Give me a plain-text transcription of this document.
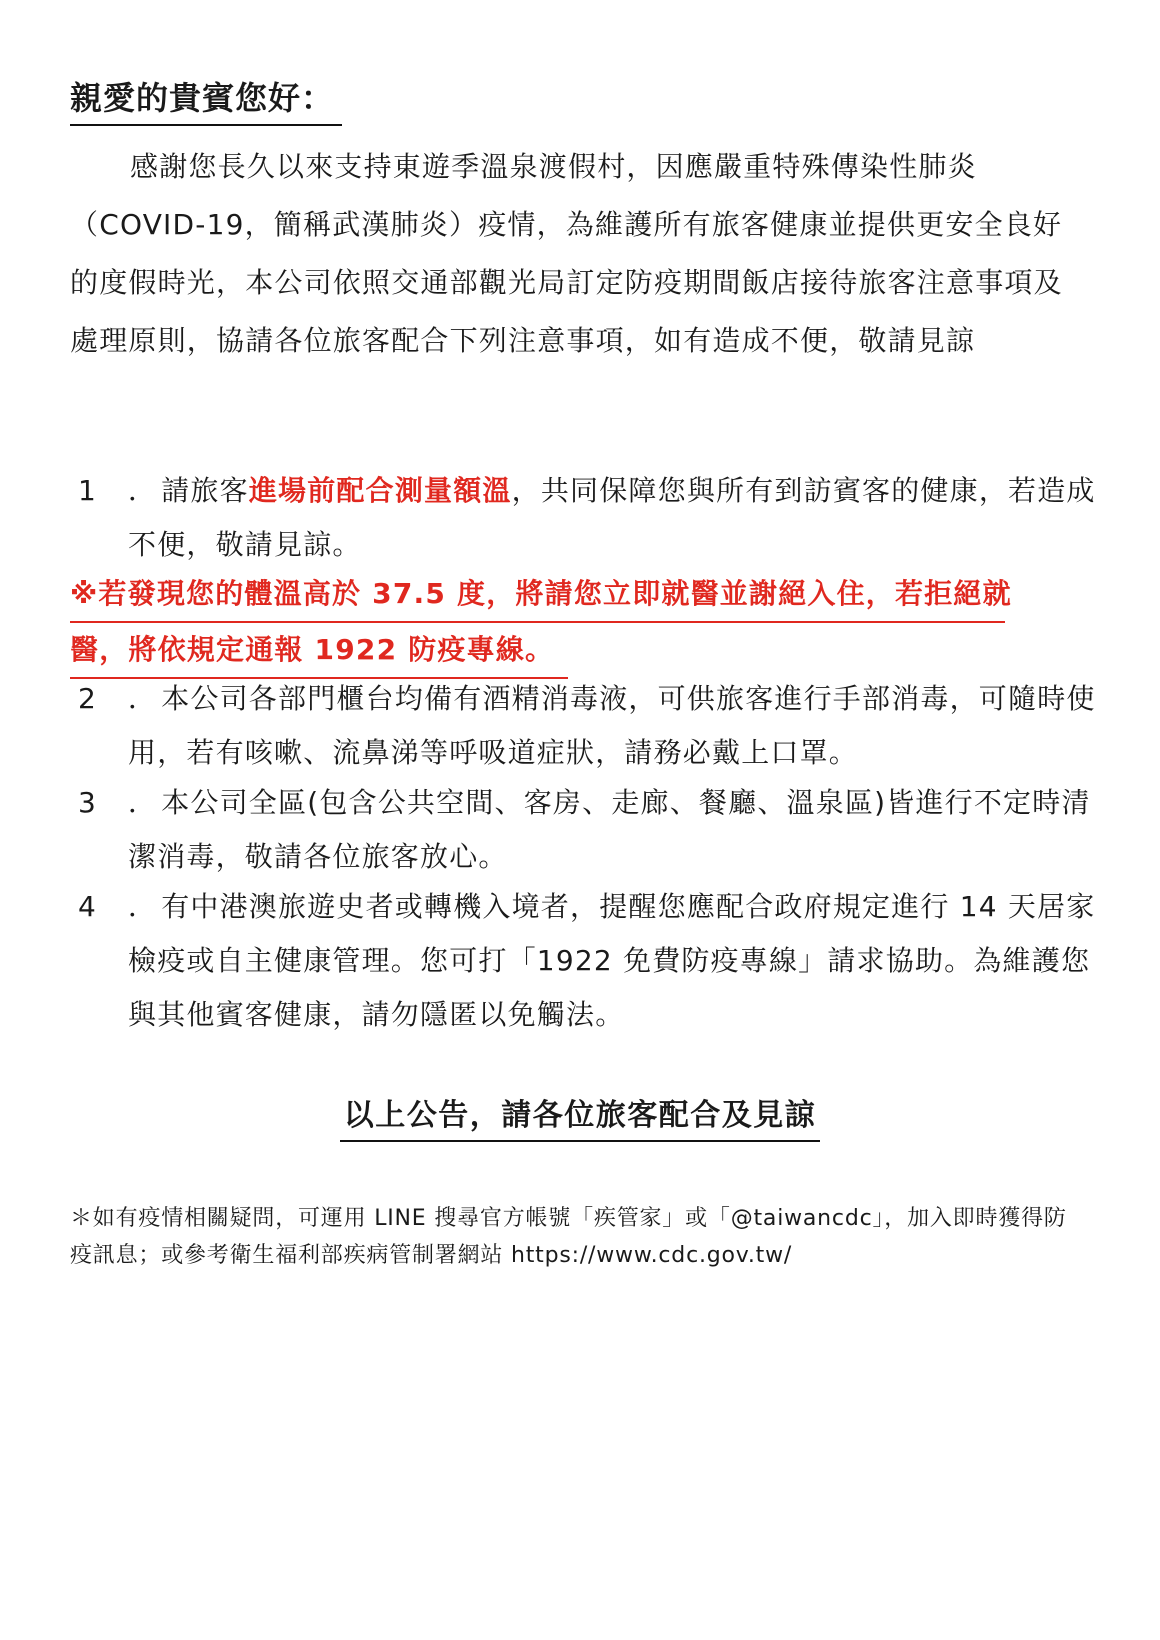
親愛的貴賓您好：

感謝您長久以來支持東遊季溫泉渡假村，因應嚴重特殊傳染性肺炎（COVID-19，簡稱武漢肺炎）疫情，為維護所有旅客健康並提供更安全良好的度假時光，本公司依照交通部觀光局訂定防疫期間飯店接待旅客注意事項及處理原則，協請各位旅客配合下列注意事項，如有造成不便，敬請見諒

1	． 請旅客進場前配合測量額溫，共同保障您與所有到訪賓客的健康，若造成不便，敬請見諒。
※若發現您的體溫高於 37.5 度，將請您立即就醫並謝絕入住，若拒絕就
醫，將依規定通報 1922 防疫專線。
2	． 本公司各部門櫃台均備有酒精消毒液，可供旅客進行手部消毒，可隨時使用，若有咳嗽、流鼻涕等呼吸道症狀，請務必戴上口罩。
3	． 本公司全區(包含公共空間、客房、走廊、餐廳、溫泉區)皆進行不定時清潔消毒，敬請各位旅客放心。
4	． 有中港澳旅遊史者或轉機入境者，提醒您應配合政府規定進行 14 天居家檢疫或自主健康管理。您可打「1922 免費防疫專線」請求協助。為維護您與其他賓客健康，請勿隱匿以免觸法。
以上公告，請各位旅客配合及見諒

＊如有疫情相關疑問，可運用 LINE 搜尋官方帳號「疾管家」或「@taiwancdc」，加入即時獲得防疫訊息；或參考衛生福利部疾病管制署網站 https://www.cdc.gov.tw/
